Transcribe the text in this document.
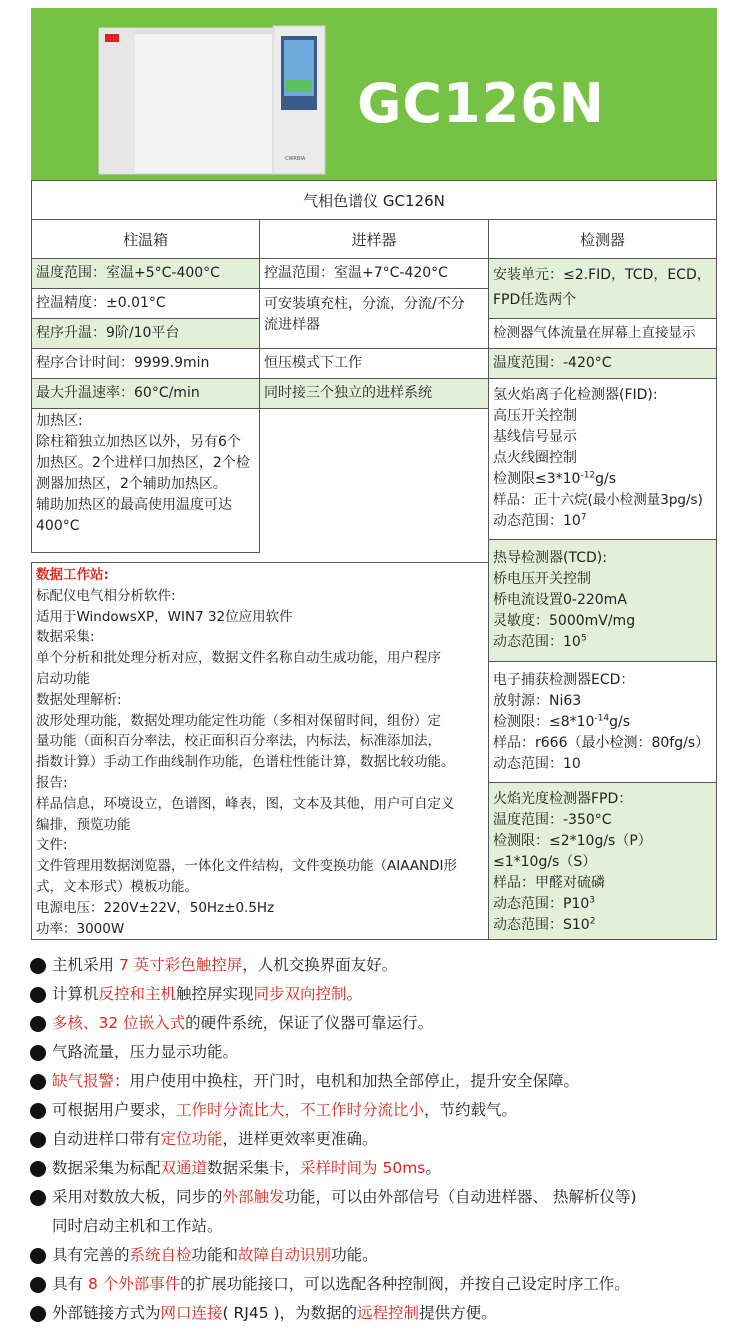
CWRBIA
GC126N
气相色谱仪 GC126N
柱温箱	进样器	检测器
温度范围：室温+5°C-400°C
控温精度：±0.01°C
程序升温：9阶/10平台
程序合计时间：9999.9min
最大升温速率：60°C/min
加热区:
除柱箱独立加热区以外，另有6个
加热区。2个进样口加热区，2个检
测器加热区，2个辅助加热区。
辅助加热区的最高使用温度可达
400°C
控温范围：室温+7°C-420°C
可安装填充柱，分流，分流/不分
流进样器
恒压模式下工作
同时接三个独立的进样系统
安装单元：≤2.FID，TCD，ECD，
FPD任选两个
检测器气体流量在屏幕上直接显示
温度范围：-420°C
氢火焰离子化检测器(FID):
高压开关控制
基线信号显示
点火线圈控制
检测限$\le 3*10^{-12}g/s$
样品：正十六烷(最小检测量3pg/s)
动态范围：$10^7$
热导检测器(TCD):
桥电压开关控制
桥电流设置0-220mA
灵敏度：5000mV/mg
动态范围：$10^5$
电子捕获检测器ECD：
放射源：Ni63
检测限：$\le 8*10^{-14}g/s$
样品：r666（最小检测：80fg/s）
动态范围：10
火焰光度检测器FPD：
温度范围：-350°C
检测限：≤2*10g/s（P）
≤1*10g/s（S）
样品：甲醛对硫磷
动态范围：$P10^3$
动态范围：$S10^2$
数据工作站:
标配仪电气相分析软件:
适用于WindowsXP，WIN7 32位应用软件
数据采集:
单个分析和批处理分析对应，数据文件名称自动生成功能，用户程序
启动功能
数据处理解析:
波形处理功能，数据处理功能定性功能（多相对保留时间，组份）定
量功能（面积百分率法，校正面积百分率法，内标法，标准添加法，
指数计算）手动工作曲线制作功能，色谱柱性能计算，数据比较功能。
报告:
样品信息，环境设立，色谱图，峰表，图，文本及其他，用户可自定义
编排，预览功能
文件:
文件管理用数据浏览器，一体化文件结构，文件变换功能（AIAANDI形
式，文本形式）模板功能。
电源电压：220V±22V，50Hz±0.5Hz
功率：3000W
主机采用 7 英寸彩色触控屏，人机交换界面友好。
计算机反控和主机触控屏实现同步双向控制。
多核、32 位嵌入式的硬件系统，保证了仪器可靠运行。
气路流量，压力显示功能。
缺气报警：用户使用中换柱，开门时，电机和加热全部停止，提升安全保障。
可根据用户要求，工作时分流比大，不工作时分流比小，节约载气。
自动进样口带有定位功能，进样更效率更准确。
数据采集为标配双通道数据采集卡，采样时间为 50ms。
采用对数放大板，同步的外部触发功能，可以由外部信号（自动进样器、 热解析仪等)
同时启动主机和工作站。
具有完善的系统自检功能和故障自动识别功能。
具有 8 个外部事件的扩展功能接口，可以选配各种控制阀，并按自己设定时序工作。
外部链接方式为网口连接( RJ45 )，为数据的远程控制提供方便。
